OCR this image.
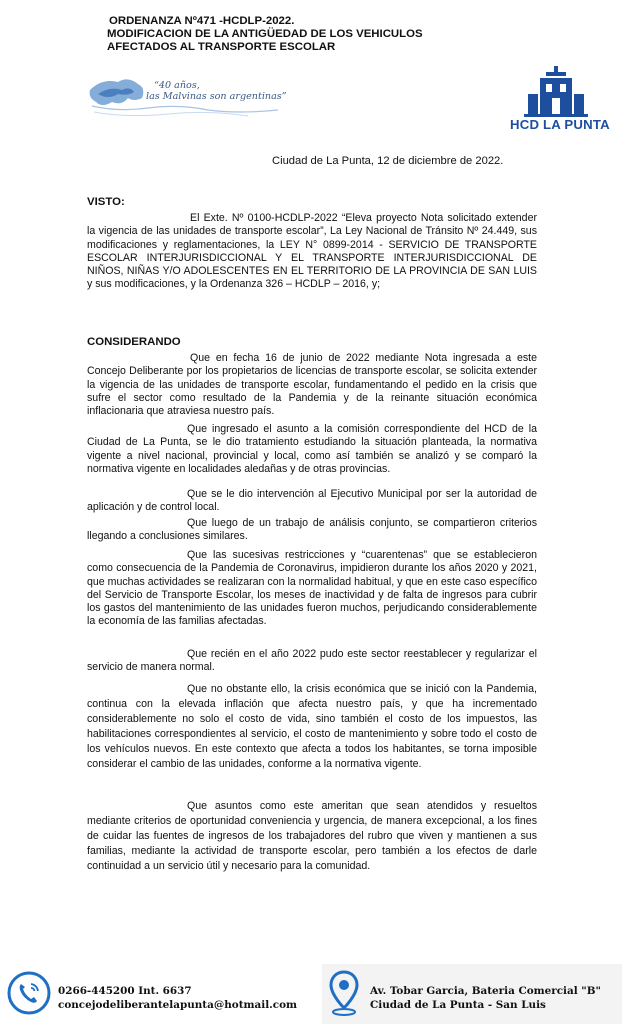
ORDENANZA Nº471 -HCDLP-2022.
MODIFICACION DE LA ANTIGÜEDAD DE LOS VEHICULOS
AFECTADOS AL TRANSPORTE ESCOLAR
“40 años,
las Malvinas son argentinas”
HCD LA PUNTA
Ciudad de La Punta, 12 de diciembre de 2022.
VISTO:

El Exte. Nº 0100-HCDLP-2022 “Eleva proyecto Nota solicitado extender la vigencia de las unidades de transporte escolar”, La Ley Nacional de Tránsito Nº 24.449, sus modificaciones y reglamentaciones, la LEY N° 0899-2014 - SERVICIO DE TRANSPORTE ESCOLAR INTERJURISDICCIONAL Y EL TRANSPORTE INTERJURISDICCIONAL DE NIÑOS, NIÑAS Y/O ADOLESCENTES EN EL TERRITORIO DE LA PROVINCIA DE SAN LUIS y sus modificaciones, y la Ordenanza 326 – HCDLP – 2016, y;

CONSIDERANDO

Que en fecha 16 de junio de 2022 mediante Nota ingresada a este Concejo Deliberante por los propietarios de licencias de transporte escolar, se solicita extender la vigencia de las unidades de transporte escolar, fundamentando el pedido en la crisis que sufre el sector como resultado de la Pandemia y de la reinante situación económica inflacionaria que atraviesa nuestro país.

Que ingresado el asunto a la comisión correspondiente del HCD de la Ciudad de La Punta, se le dio tratamiento estudiando la situación planteada, la normativa vigente a nivel nacional, provincial y local, como así también se analizó y se comparó la normativa vigente en localidades aledañas y de otras provincias.

Que se le dio intervención al Ejecutivo Municipal por ser la autoridad de aplicación y de control local.

Que luego de un trabajo de análisis conjunto, se compartieron criterios llegando a conclusiones similares.

Que las sucesivas restricciones y “cuarentenas” que se establecieron como consecuencia de la Pandemia de Coronavirus, impidieron durante los años 2020 y 2021, que muchas actividades se realizaran con la normalidad habitual, y que en este caso específico del Servicio de Transporte Escolar, los meses de inactividad y de falta de ingresos para cubrir los gastos del mantenimiento de las unidades fueron muchos, perjudicando considerablemente la economía de las familias afectadas.

Que recién en el año 2022 pudo este sector reestablecer y regularizar el servicio de manera normal.

Que no obstante ello, la crisis económica que se inició con la Pandemia, continua con la elevada inflación que afecta nuestro país, y que ha incrementado considerablemente no solo el costo de vida, sino también el costo de los impuestos, las habilitaciones correspondientes al servicio, el costo de mantenimiento y sobre todo el costo de los vehículos nuevos. En este contexto que afecta a todos los habitantes, se torna imposible considerar el cambio de las unidades, conforme a la normativa vigente.

Que asuntos como este ameritan que sean atendidos y resueltos mediante criterios de oportunidad conveniencia y urgencia, de manera excepcional, a los fines de cuidar las fuentes de ingresos de los trabajadores del rubro que viven y mantienen a sus familias, mediante la actividad de transporte escolar, pero también a los efectos de darle continuidad a un servicio útil y necesario para la comunidad.

0266-445200 Int. 6637
concejodeliberantelapunta@hotmail.com
Av. Tobar Garcia, Bateria Comercial "B"
Ciudad de La Punta - San Luis
